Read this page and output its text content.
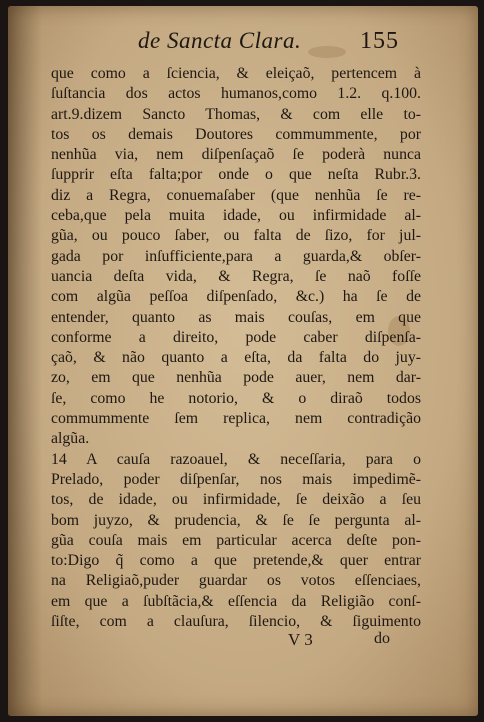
de Sancta Clara. 155
que como a ſciencia, & eleiçaõ, pertencem à
ſuſtancia dos actos humanos,como 1.2. q.100.
art.9.dizem Sancto Thomas, & com elle to-
tos os demais Doutores commummente, por
nenhũa via, nem diſpenſaçaõ ſe poderà nunca
ſupprir eſta falta;por onde o que neſta Rubr.3.
diz a Regra, conuemaſaber (que nenhũa ſe re-
ceba,que pela muita idade, ou infirmidade al-
gũa, ou pouco ſaber, ou falta de ſizo, for jul-
gada por inſufficiente,para a guarda,& obſer-
uancia deſta vida, & Regra, ſe naõ foſſe
com algũa peſſoa diſpenſado, &c.) ha ſe de
entender, quanto as mais couſas, em que
conforme a direito, pode caber diſpenſa-
çaõ, & não quanto a eſta, da falta do juy-
zo, em que nenhũa pode auer, nem dar-
ſe, como he notorio, & o diraõ todos
commummente ſem replica, nem contradição
algũa.
14 A cauſa razoauel, & neceſſaria, para o
Prelado, poder diſpenſar, nos mais impedimẽ-
tos, de idade, ou infirmidade, ſe deixão a ſeu
bom juyzo, & prudencia, & ſe ſe pergunta al-
gũa couſa mais em particular acerca deſte pon-
to:Digo q̃ como a que pretende,& quer entrar
na Religiaõ,puder guardar os votos eſſenciaes,
em que a ſubſtãcia,& eſſencia da Religião conſ-
ſiſte, com a clauſura, ſilencio, & ſiguimento
V 3	do
